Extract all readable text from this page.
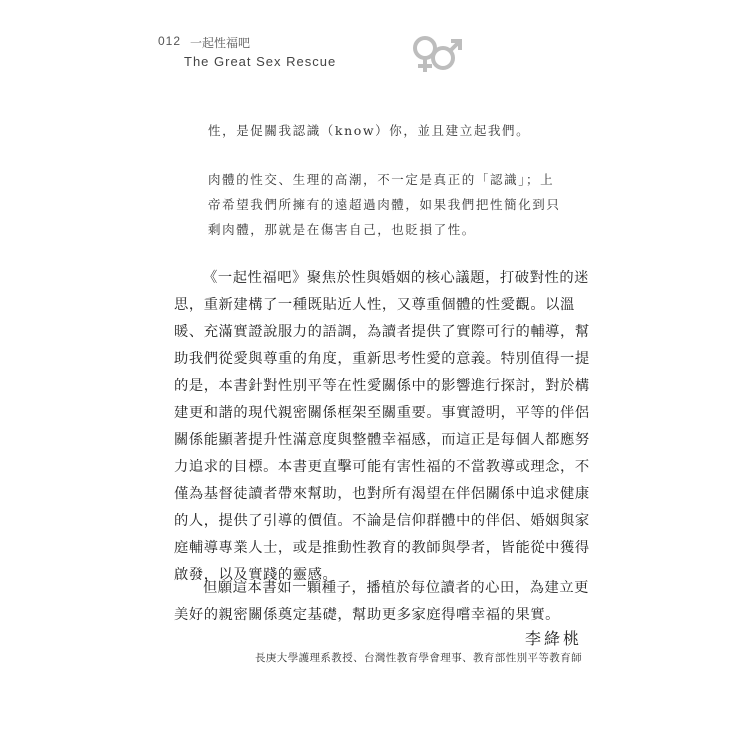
012 一起性福吧
The Great Sex Rescue
性，是促關我認識（know）你，並且建立起我們。
肉體的性交、生理的高潮，不一定是真正的「認識」；上
帝希望我們所擁有的遠超過肉體，如果我們把性簡化到只
剩肉體，那就是在傷害自己，也貶損了性。
《一起性福吧》聚焦於性與婚姻的核心議題，打破對性的迷
思，重新建構了一種既貼近人性，又尊重個體的性愛觀。以溫
暖、充滿實證說服力的語調，為讀者提供了實際可行的輔導，幫
助我們從愛與尊重的角度，重新思考性愛的意義。特別值得一提
的是，本書針對性別平等在性愛關係中的影響進行探討，對於構
建更和諧的現代親密關係框架至關重要。事實證明，平等的伴侶
關係能顯著提升性滿意度與整體幸福感，而這正是每個人都應努
力追求的目標。本書更直擊可能有害性福的不當教導或理念，不
僅為基督徒讀者帶來幫助，也對所有渴望在伴侶關係中追求健康
的人，提供了引導的價值。不論是信仰群體中的伴侶、婚姻與家
庭輔導專業人士，或是推動性教育的教師與學者，皆能從中獲得
啟發，以及實踐的靈感。
但願這本書如一顆種子，播植於每位讀者的心田，為建立更
美好的親密關係奠定基礎，幫助更多家庭得嚐幸福的果實。
李絳桃
長庚大學護理系教授、台灣性教育學會理事、教育部性別平等教育師
